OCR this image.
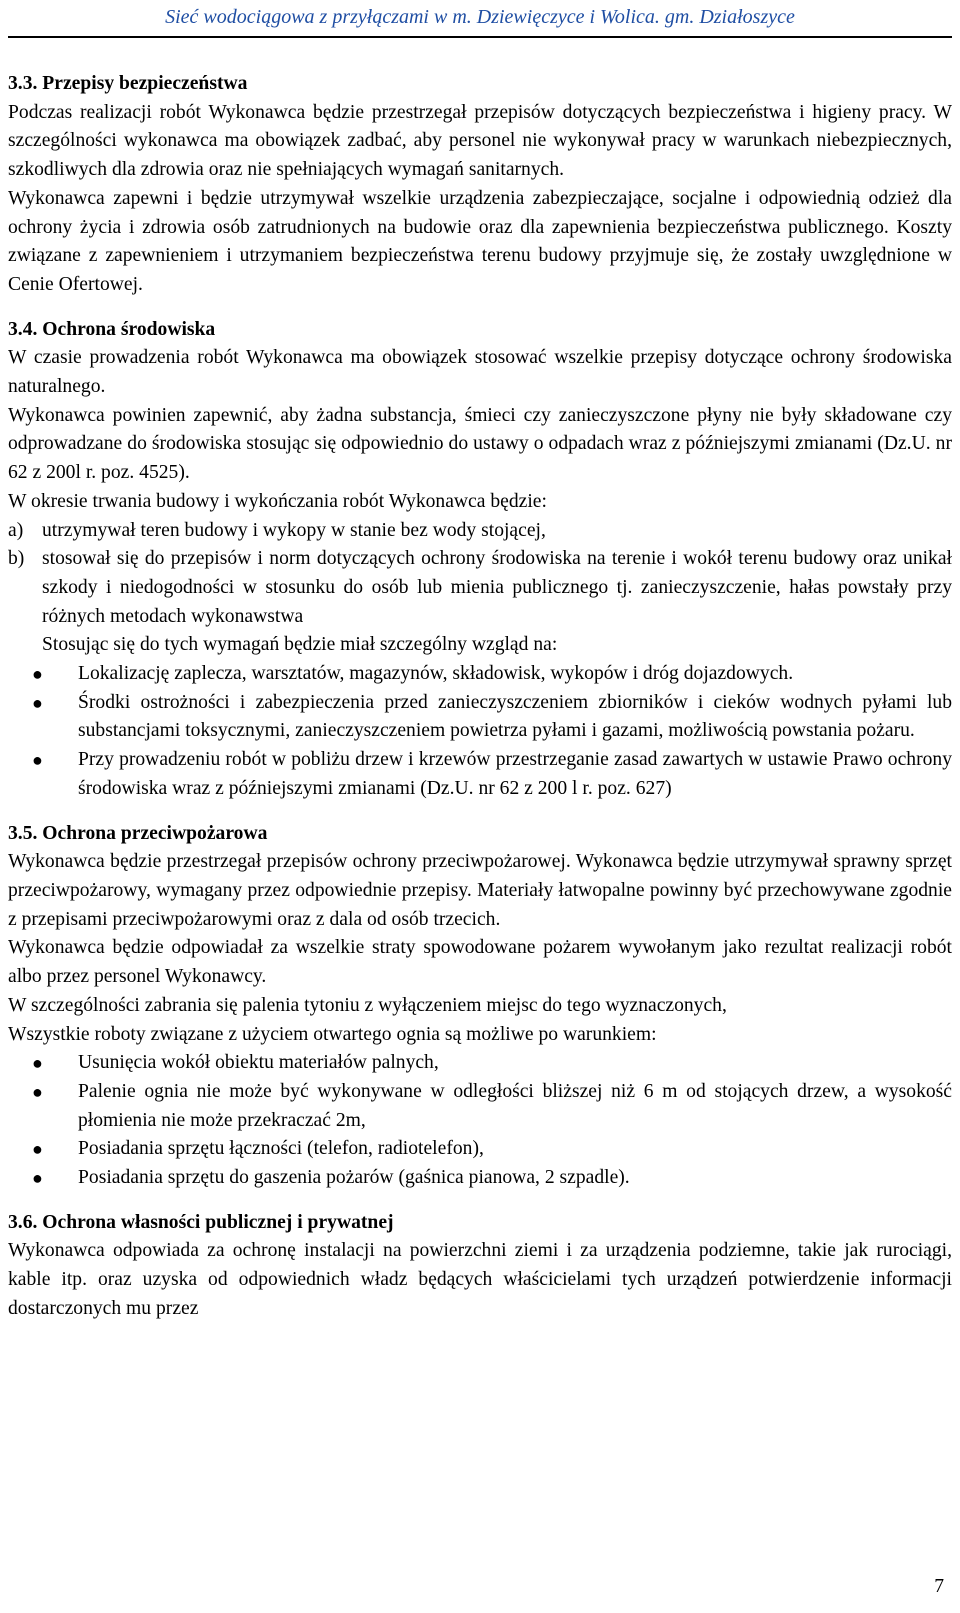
Sieć wodociągowa z przyłączami w m. Dziewięczyce i Wolica. gm. Działoszyce
3.3. Przepisy bezpieczeństwa

Podczas realizacji robót Wykonawca będzie przestrzegał przepisów dotyczących bezpieczeństwa i higieny pracy. W szczególności wykonawca ma obowiązek zadbać, aby personel nie wykonywał pracy w warunkach niebezpiecznych, szkodliwych dla zdrowia oraz nie spełniających wymagań sanitarnych.

Wykonawca zapewni i będzie utrzymywał wszelkie urządzenia zabezpieczające, socjalne i odpowiednią odzież dla ochrony życia i zdrowia osób zatrudnionych na budowie oraz dla zapewnienia bezpieczeństwa publicznego. Koszty związane z zapewnieniem i utrzymaniem bezpieczeństwa terenu budowy przyjmuje się, że zostały uwzględnione w Cenie Ofertowej.

3.4. Ochrona środowiska

W czasie prowadzenia robót Wykonawca ma obowiązek stosować wszelkie przepisy dotyczące ochrony środowiska naturalnego.

Wykonawca powinien zapewnić, aby żadna substancja, śmieci czy zanieczyszczone płyny nie były składowane czy odprowadzane do środowiska stosując się odpowiednio do ustawy o odpadach wraz z późniejszymi zmianami (Dz.U. nr 62 z 200l r. poz. 4525).

W okresie trwania budowy i wykończania robót Wykonawca będzie:

a) utrzymywał teren budowy i wykopy w stanie bez wody stojącej,
b) stosował się do przepisów i norm dotyczących ochrony środowiska na terenie i wokół terenu budowy oraz unikał szkody i niedogodności w stosunku do osób lub mienia publicznego tj. zanieczyszczenie, hałas powstały przy różnych metodach wykonawstwa

Stosując się do tych wymagań będzie miał szczególny wzgląd na:

● Lokalizację zaplecza, warsztatów, magazynów, składowisk, wykopów i dróg dojazdowych.
● Środki ostrożności i zabezpieczenia przed zanieczyszczeniem zbiorników i cieków wodnych pyłami lub substancjami toksycznymi, zanieczyszczeniem powietrza pyłami i gazami, możliwością powstania pożaru.
● Przy prowadzeniu robót w pobliżu drzew i krzewów przestrzeganie zasad zawartych w ustawie Prawo ochrony środowiska wraz z późniejszymi zmianami (Dz.U. nr 62 z 200 l r. poz. 627)
3.5. Ochrona przeciwpożarowa

Wykonawca będzie przestrzegał przepisów ochrony przeciwpożarowej. Wykonawca będzie utrzymywał sprawny sprzęt przeciwpożarowy, wymagany przez odpowiednie przepisy. Materiały łatwopalne powinny być przechowywane zgodnie z przepisami przeciwpożarowymi oraz z dala od osób trzecich.

Wykonawca będzie odpowiadał za wszelkie straty spowodowane pożarem wywołanym jako rezultat realizacji robót albo przez personel Wykonawcy.

W szczególności zabrania się palenia tytoniu z wyłączeniem miejsc do tego wyznaczonych,

Wszystkie roboty związane z użyciem otwartego ognia są możliwe po warunkiem:

● Usunięcia wokół obiektu materiałów palnych,
● Palenie ognia nie może być wykonywane w odległości bliższej niż 6 m od stojących drzew, a wysokość płomienia nie może przekraczać 2m,
● Posiadania sprzętu łączności (telefon, radiotelefon),
● Posiadania sprzętu do gaszenia pożarów (gaśnica pianowa, 2 szpadle).
3.6. Ochrona własności publicznej i prywatnej

Wykonawca odpowiada za ochronę instalacji na powierzchni ziemi i za urządzenia podziemne, takie jak rurociągi, kable itp. oraz uzyska od odpowiednich władz będących właścicielami tych urządzeń potwierdzenie informacji dostarczonych mu przez

7
